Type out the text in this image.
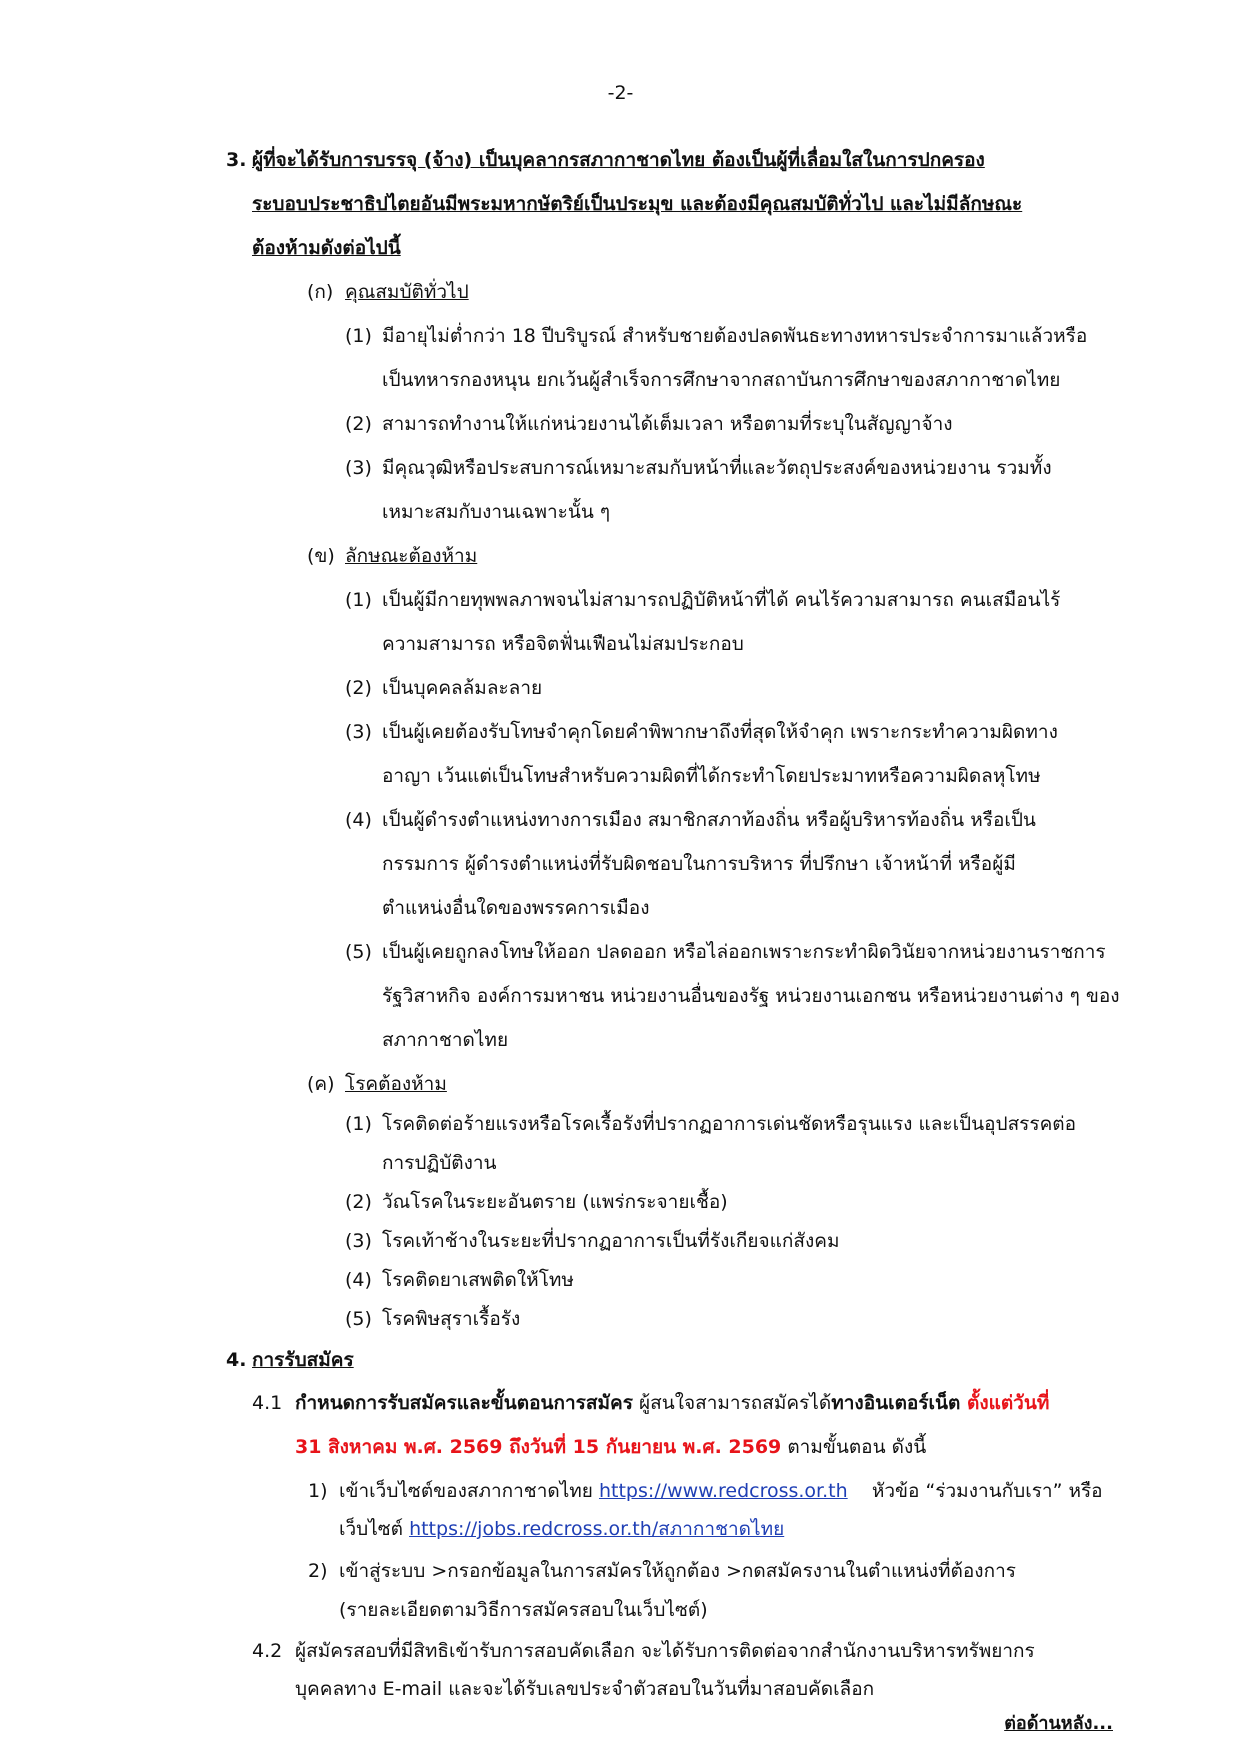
-2-
3. ผู้ที่จะได้รับการบรรจุ (จ้าง) เป็นบุคลากรสภากาชาดไทย ต้องเป็นผู้ที่เลื่อมใสในการปกครอง
ระบอบประชาธิปไตยอันมีพระมหากษัตริย์เป็นประมุข และต้องมีคุณสมบัติทั่วไป และไม่มีลักษณะ
ต้องห้ามดังต่อไปนี้
(ก) คุณสมบัติทั่วไป
(1) มีอายุไม่ต่ำกว่า 18 ปีบริบูรณ์ สำหรับชายต้องปลดพันธะทางทหารประจำการมาแล้วหรือ
เป็นทหารกองหนุน ยกเว้นผู้สำเร็จการศึกษาจากสถาบันการศึกษาของสภากาชาดไทย
(2) สามารถทำงานให้แก่หน่วยงานได้เต็มเวลา หรือตามที่ระบุในสัญญาจ้าง
(3) มีคุณวุฒิหรือประสบการณ์เหมาะสมกับหน้าที่และวัตถุประสงค์ของหน่วยงาน รวมทั้ง
เหมาะสมกับงานเฉพาะนั้น ๆ
(ข) ลักษณะต้องห้าม
(1) เป็นผู้มีกายทุพพลภาพจนไม่สามารถปฏิบัติหน้าที่ได้ คนไร้ความสามารถ คนเสมือนไร้
ความสามารถ หรือจิตฟั่นเฟือนไม่สมประกอบ
(2) เป็นบุคคลล้มละลาย
(3) เป็นผู้เคยต้องรับโทษจำคุกโดยคำพิพากษาถึงที่สุดให้จำคุก เพราะกระทำความผิดทาง
อาญา เว้นแต่เป็นโทษสำหรับความผิดที่ได้กระทำโดยประมาทหรือความผิดลหุโทษ
(4) เป็นผู้ดำรงตำแหน่งทางการเมือง สมาชิกสภาท้องถิ่น หรือผู้บริหารท้องถิ่น หรือเป็น
กรรมการ ผู้ดำรงตำแหน่งที่รับผิดชอบในการบริหาร ที่ปรึกษา เจ้าหน้าที่ หรือผู้มี
ตำแหน่งอื่นใดของพรรคการเมือง
(5) เป็นผู้เคยถูกลงโทษให้ออก ปลดออก หรือไล่ออกเพราะกระทำผิดวินัยจากหน่วยงานราชการ
รัฐวิสาหกิจ องค์การมหาชน หน่วยงานอื่นของรัฐ หน่วยงานเอกชน หรือหน่วยงานต่าง ๆ ของ
สภากาชาดไทย
(ค) โรคต้องห้าม
(1) โรคติดต่อร้ายแรงหรือโรคเรื้อรังที่ปรากฏอาการเด่นชัดหรือรุนแรง และเป็นอุปสรรคต่อ
การปฏิบัติงาน
(2) วัณโรคในระยะอันตราย (แพร่กระจายเชื้อ)
(3) โรคเท้าช้างในระยะที่ปรากฏอาการเป็นที่รังเกียจแก่สังคม
(4) โรคติดยาเสพติดให้โทษ
(5) โรคพิษสุราเรื้อรัง
4. การรับสมัคร
4.1 กำหนดการรับสมัครและขั้นตอนการสมัคร ผู้สนใจสามารถสมัครได้ทางอินเตอร์เน็ต ตั้งแต่วันที่
31 สิงหาคม พ.ศ. 2569 ถึงวันที่ 15 กันยายน พ.ศ. 2569 ตามขั้นตอน ดังนี้
1) เข้าเว็บไซต์ของสภากาชาดไทย https://www.redcross.or.th    หัวข้อ “ร่วมงานกับเรา” หรือ
เว็บไซต์ https://jobs.redcross.or.th/สภากาชาดไทย
2) เข้าสู่ระบบ >กรอกข้อมูลในการสมัครให้ถูกต้อง >กดสมัครงานในตำแหน่งที่ต้องการ
(รายละเอียดตามวิธีการสมัครสอบในเว็บไซต์)
4.2 ผู้สมัครสอบที่มีสิทธิเข้ารับการสอบคัดเลือก จะได้รับการติดต่อจากสำนักงานบริหารทรัพยากร
บุคคลทาง E-mail และจะได้รับเลขประจำตัวสอบในวันที่มาสอบคัดเลือก
ต่อด้านหลัง...
